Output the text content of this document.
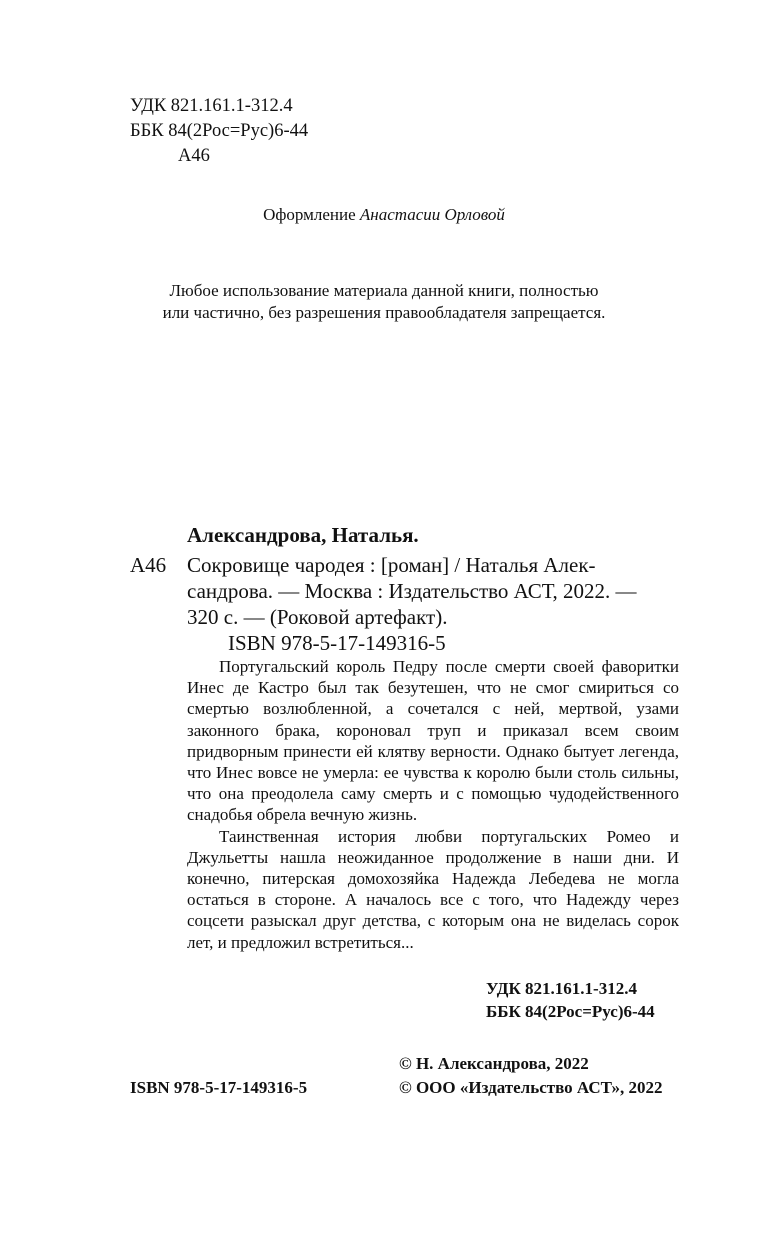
УДК 821.161.1-312.4
ББК 84(2Рос=Рус)6-44
А46
Оформление Анастасии Орловой
Любое использование материала данной книги, полностью
или частично, без разрешения правообладателя запрещается.
Александрова, Наталья.
А46 Сокровище чародея : [роман] / Наталья Алек-
сандрова. — Москва : Издательство АСТ, 2022. —
320 с. — (Роковой артефакт).
ISBN 978-5-17-149316-5

Португальский король Педру после смерти своей фаворитки Инес де Кастро был так безутешен, что не смог смириться со смертью возлюбленной, а сочетался с ней, мертвой, узами законного брака, короновал труп и приказал всем своим придворным принести ей клятву верности. Однако бытует легенда, что Инес вовсе не умерла: ее чувства к королю были столь сильны, что она преодолела саму смерть и с помощью чудодейственного снадобья обрела вечную жизнь.

Таинственная история любви португальских Ромео и Джульетты нашла неожиданное продолжение в наши дни. И конечно, питерская домохозяйка Надежда Лебедева не могла остаться в стороне. А началось все с того, что Надежду через соцсети разыскал друг детства, с которым она не виделась сорок лет, и предложил встретиться...

УДК 821.161.1-312.4
ББК 84(2Рос=Рус)6-44
© Н. Александрова, 2022
ISBN 978-5-17-149316-5	© ООО «Издательство АСТ», 2022
